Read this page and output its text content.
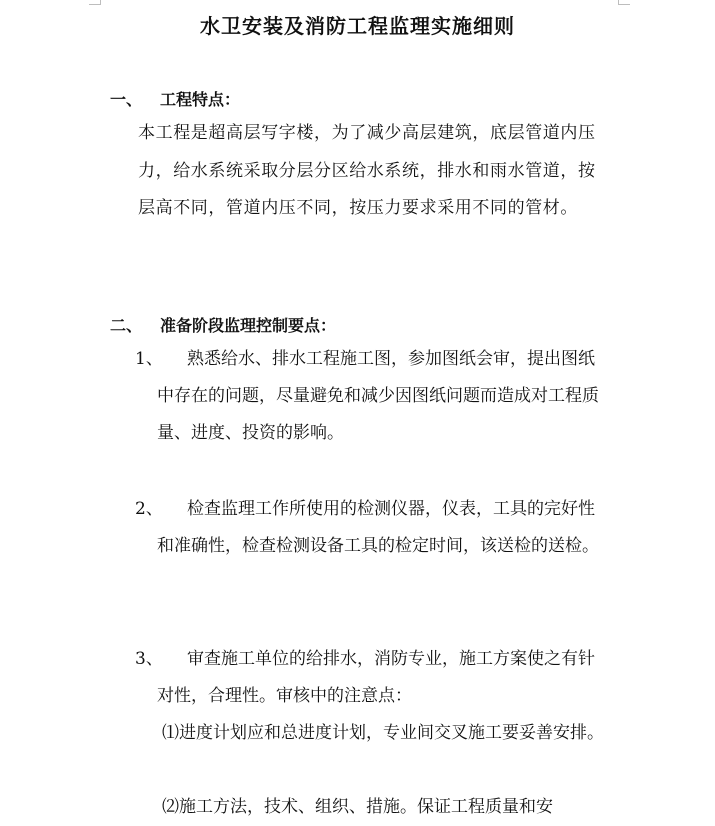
水卫安装及消防工程监理实施细则
一、 工程特点：
本工程是超高层写字楼，为了减少高层建筑，底层管道内压力，给水系统采取分层分区给水系统，排水和雨水管道，按层高不同，管道内压不同，按压力要求采用不同的管材。
二、 准备阶段监理控制要点：
1、	熟悉给水、排水工程施工图，参加图纸会审，提出图纸中存在的问题，尽量避免和减少因图纸问题而造成对工程质量、进度、投资的影响。
2、	检查监理工作所使用的检测仪器，仪表，工具的完好性和准确性，检查检测设备工具的检定时间，该送检的送检。
3、	审查施工单位的给排水，消防专业，施工方案使之有针对性，合理性。审核中的注意点：
⑴进度计划应和总进度计划，专业间交叉施工要妥善安排。
⑵施工方法，技术、组织、措施。保证工程质量和安
